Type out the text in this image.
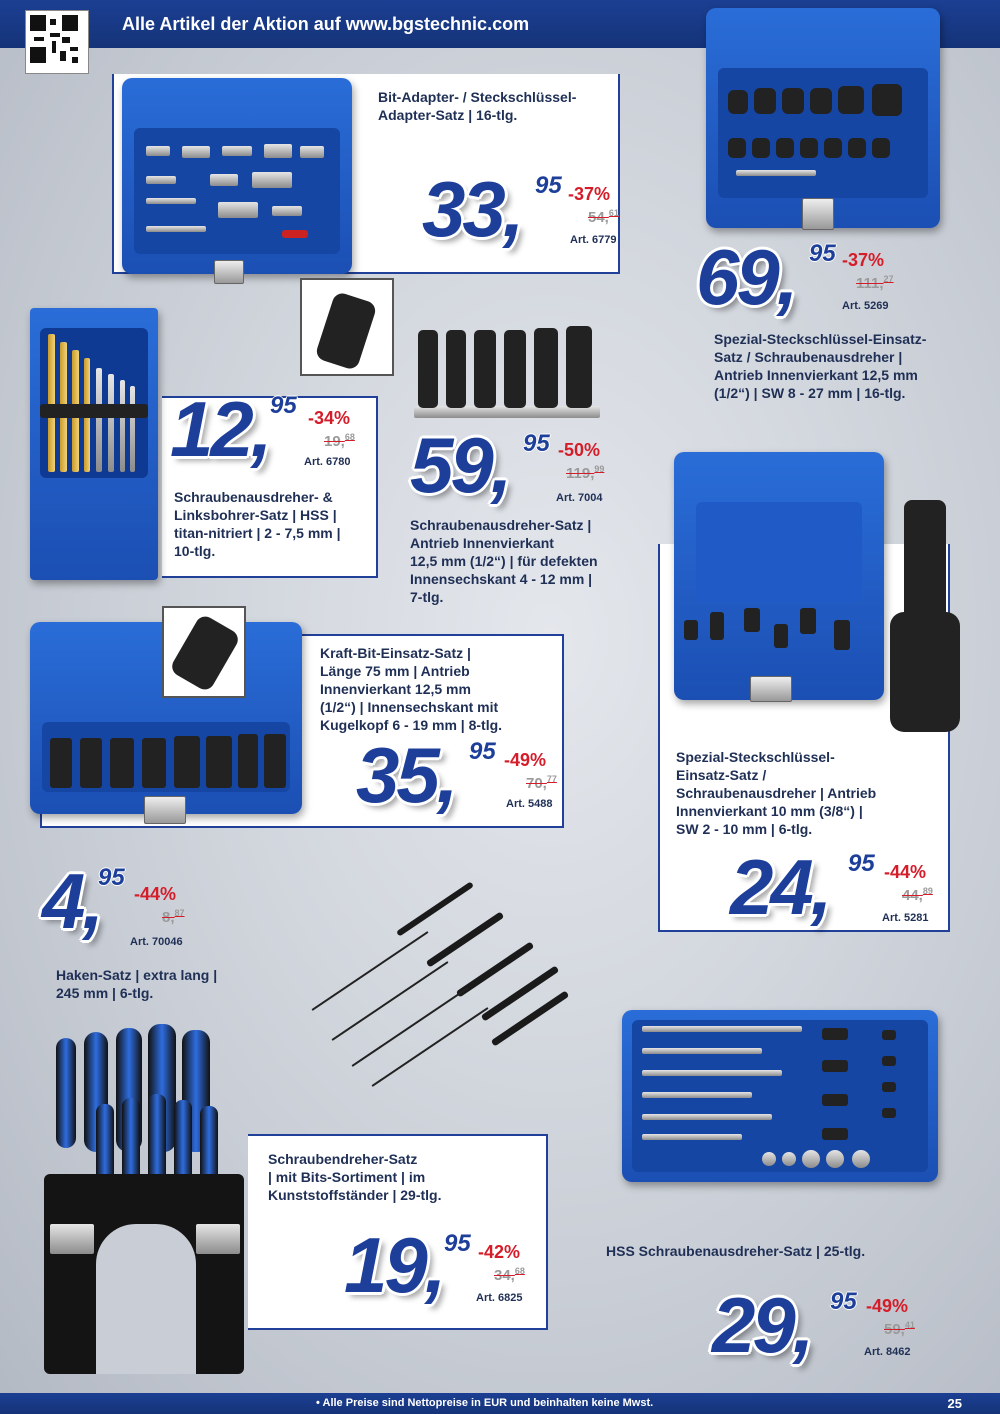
Alle Artikel der Aktion auf www.bgstechnic.com
Bit-Adapter- / Steckschlüssel-
Adapter-Satz | 16-tlg.
33, 95 -37%
54,61
Art. 6779 69, 95 -37%
111,27
Art. 5269
Spezial-Steckschlüssel-Einsatz-
Satz / Schraubenausdreher |
Antrieb Innenvierkant 12,5 mm
(1/2“) | SW 8 - 27 mm | 16-tlg.
12, 95 -34%
19,68
Art. 6780
Schraubenausdreher- &
Linksbohrer-Satz | HSS |
titan-nitriert | 2 - 7,5 mm |
10-tlg.
59, 95 -50%
119,99
Art. 7004
Schraubenausdreher-Satz |
Antrieb Innenvierkant
12,5 mm (1/2“) | für defekten
Innensechskant 4 - 12 mm |
7-tlg.
Kraft-Bit-Einsatz-Satz |
Länge 75 mm | Antrieb
Innenvierkant 12,5 mm
(1/2“) | Innensechskant mit
Kugelkopf 6 - 19 mm | 8-tlg.
35, 95 -49%
70,77
Art. 5488
Spezial-Steckschlüssel-
Einsatz-Satz /
Schraubenausdreher | Antrieb
Innenvierkant 10 mm (3/8“) |
SW 2 - 10 mm | 6-tlg.
24, 95 -44%
44,89
Art. 5281
4,
95
-44%
8,87
Art. 70046
Haken-Satz | extra lang |
245 mm | 6-tlg.
Schraubendreher-Satz
| mit Bits-Sortiment | im
Kunststoffständer | 29-tlg.
19, 95 -42%
34,68
Art. 6825
HSS Schraubenausdreher-Satz | 25-tlg.
29, 95 -49%
59,41
Art. 8462
• Alle Preise sind Nettopreise in EUR und beinhalten keine Mwst.	25
